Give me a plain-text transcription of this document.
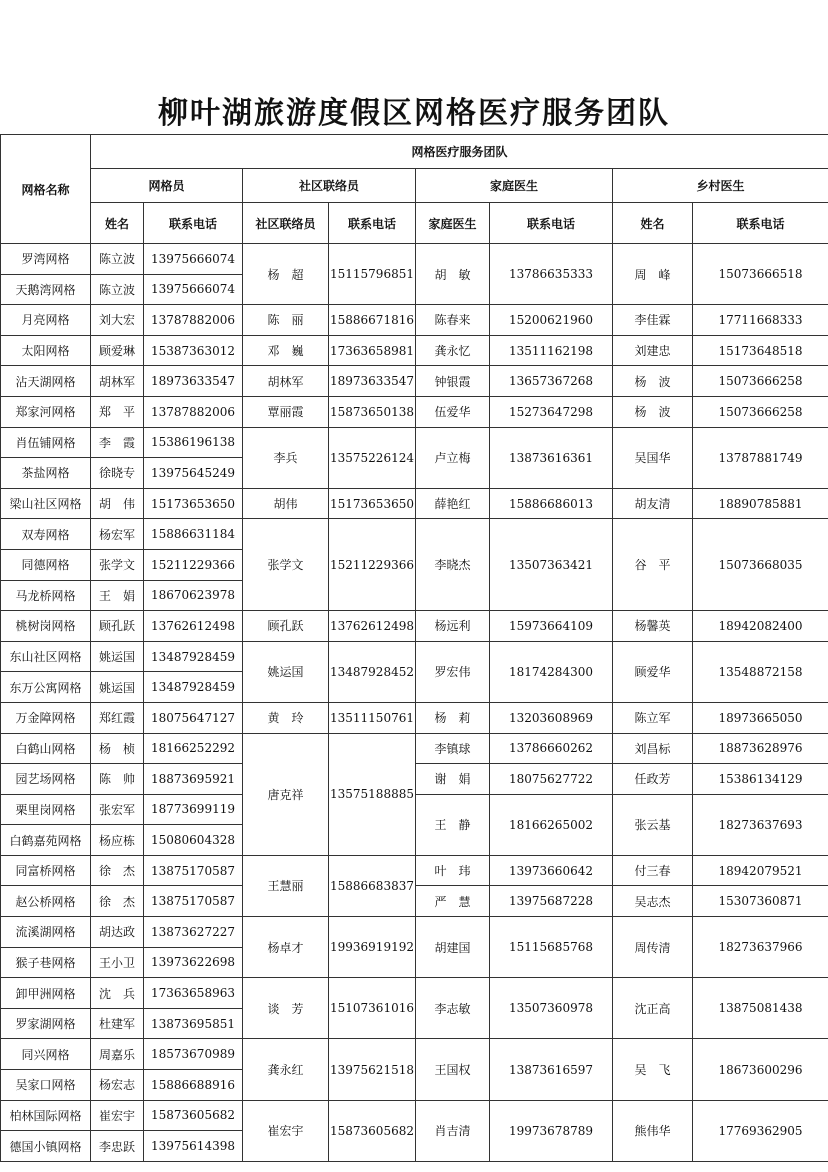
柳叶湖旅游度假区网格医疗服务团队
网格名称	网格医疗服务团队							
	网格员		社区联络员		家庭医生		乡村医生	
	姓名	联系电话	社区联络员	联系电话	家庭医生	联系电话	姓名	联系电话
罗湾网格	陈立波	13975666074	杨　超	15115796851	胡　敏	13786635333	周　峰	15073666518
天鹅湾网格	陈立波	13975666074						
月亮网格	刘大宏	13787882006	陈　丽	15886671816	陈春来	15200621960	李佳霖	17711668333
太阳网格	顾爱琳	15387363012	邓　巍	17363658981	龚永忆	13511162198	刘建忠	15173648518
沾天湖网格	胡林军	18973633547	胡林军	18973633547	钟银霞	13657367268	杨　波	15073666258
郑家河网格	郑　平	13787882006	覃丽霞	15873650138	伍爱华	15273647298	杨　波	15073666258
肖伍铺网格	李　霞	15386196138	李兵	13575226124	卢立梅	13873616361	吴国华	13787881749
茶盐网格	徐晓专	13975645249						
梁山社区网格	胡　伟	15173653650	胡伟	15173653650	薛艳红	15886686013	胡友清	18890785881
双寿网格	杨宏军	15886631184	张学文	15211229366	李晓杰	13507363421	谷　平	15073668035
同德网格	张学文	15211229366						
马龙桥网格	王　娟	18670623978						
桃树岗网格	顾孔跃	13762612498	顾孔跃	13762612498	杨远利	15973664109	杨馨英	18942082400
东山社区网格	姚运国	13487928459	姚运国	13487928452	罗宏伟	18174284300	顾爱华	13548872158
东万公寓网格	姚运国	13487928459						
万金障网格	郑红霞	18075647127	黄　玲	13511150761	杨　莉	13203608969	陈立军	18973665050
白鹤山网格	杨　桢	18166252292	唐克祥	13575188885	李镇球	13786660262	刘昌标	18873628976
园艺场网格	陈　帅	18873695921			谢　娟	18075627722	任政芳	15386134129
栗里岗网格	张宏军	18773699119			王　静	18166265002	张云基	18273637693
白鹤嘉苑网格	杨应栋	15080604328						
同富桥网格	徐　杰	13875170587	王慧丽	15886683837	叶　玮	13973660642	付三春	18942079521
赵公桥网格	徐　杰	13875170587			严　慧	13975687228	吴志杰	15307360871
流溪湖网格	胡达政	13873627227	杨卓才	19936919192	胡建国	15115685768	周传清	18273637966
猴子巷网格	王小卫	13973622698						
卸甲洲网格	沈　兵	17363658963	谈　芳	15107361016	李志敏	13507360978	沈正高	13875081438
罗家湖网格	杜建军	13873695851						
同兴网格	周嘉乐	18573670989	龚永红	13975621518	王国权	13873616597	吴　飞	18673600296
吴家口网格	杨宏志	15886688916						
柏林国际网格	崔宏宇	15873605682	崔宏宇	15873605682	肖吉清	19973678789	熊伟华	17769362905
德国小镇网格	李忠跃	13975614398						
